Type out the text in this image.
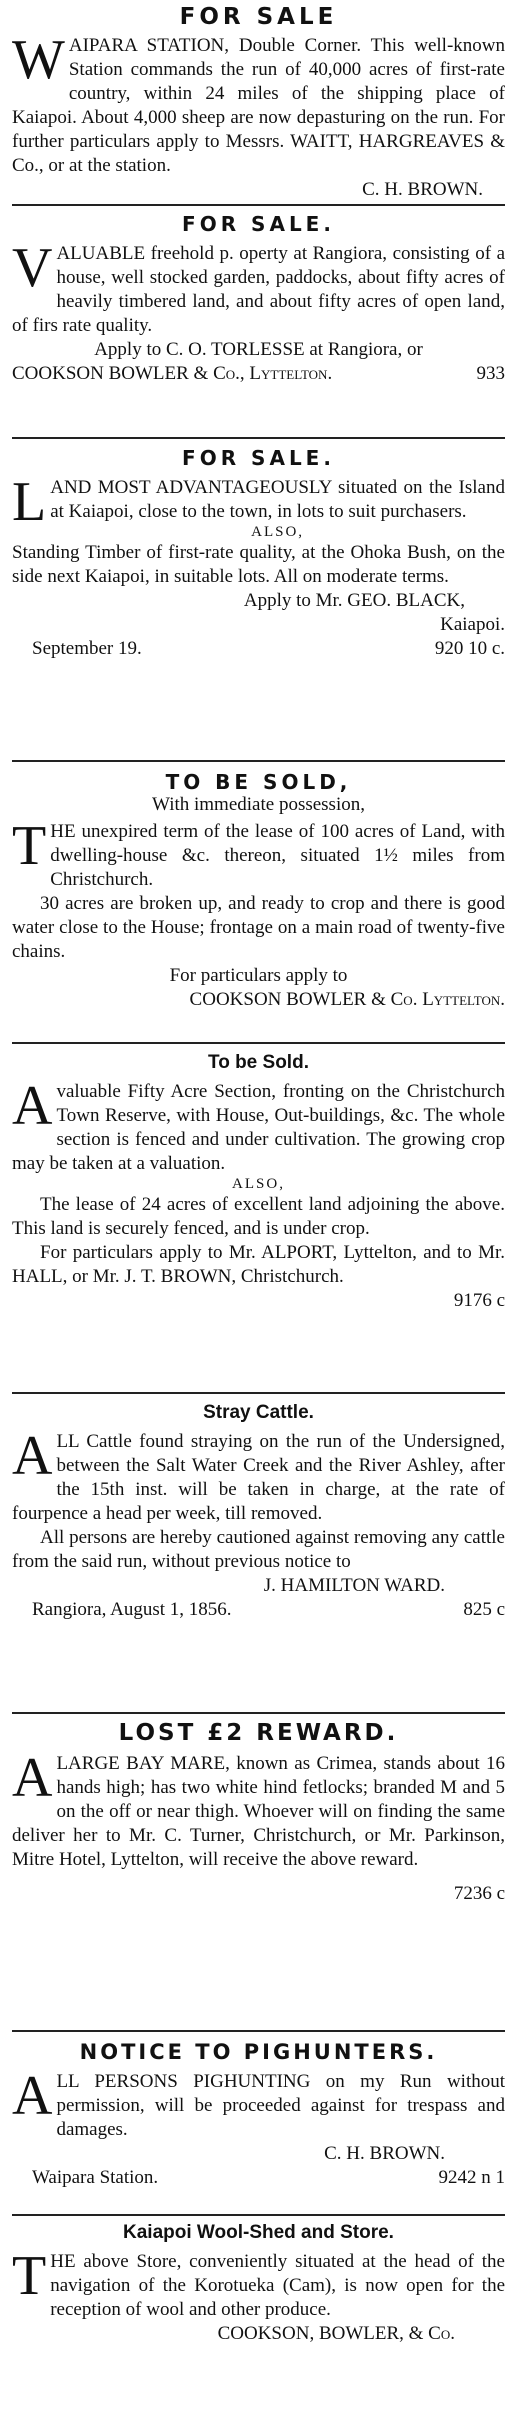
FOR SALE

WAIPARA STATION, Double Corner. This well-known Station commands the run of 40,000 acres of first-rate country, within 24 miles of the shipping place of Kaiapoi. About 4,000 sheep are now depasturing on the run. For further particulars apply to Messrs. WAITT, HARGREAVES & Co., or at the station.

C. H. BROWN.
FOR SALE.

VALUABLE freehold p. operty at Rangiora, consisting of a house, well stocked garden, paddocks, about fifty acres of heavily timbered land, and about fifty acres of open land, of firs rate quality.

Apply to C. O. TORLESSE at Rangiora, or
COOKSON BOWLER & Co., Lyttelton.	933
FOR SALE.

LAND MOST ADVANTAGEOUSLY situated on the Island at Kaiapoi, close to the town, in lots to suit purchasers.

ALSO,

Standing Timber of first-rate quality, at the Ohoka Bush, on the side next Kaiapoi, in suitable lots. All on moderate terms.

Apply to Mr. GEO. BLACK,
Kaiapoi.
September 19.	920 10 c.
TO BE SOLD,
With immediate possession,

THE unexpired term of the lease of 100 acres of Land, with dwelling-house &c. thereon, situated 1½ miles from Christchurch.

30 acres are broken up, and ready to crop and there is good water close to the House; frontage on a main road of twenty-five chains.

For particulars apply to
COOKSON BOWLER & Co. Lyttelton.
To be Sold.

Avaluable Fifty Acre Section, fronting on the Christchurch Town Reserve, with House, Out-buildings, &c. The whole section is fenced and under cultivation. The growing crop may be taken at a valuation.

ALSO,

The lease of 24 acres of excellent land adjoining the above. This land is securely fenced, and is under crop.

For particulars apply to Mr. ALPORT, Lyttelton, and to Mr. HALL, or Mr. J. T. BROWN, Christchurch.

9176 c
Stray Cattle.

ALL Cattle found straying on the run of the Undersigned, between the Salt Water Creek and the River Ashley, after the 15th inst. will be taken in charge, at the rate of fourpence a head per week, till removed.

All persons are hereby cautioned against removing any cattle from the said run, without previous notice to

J. HAMILTON WARD.
Rangiora, August 1, 1856.	825 c
LOST £2 REWARD.

ALARGE BAY MARE, known as Crimea, stands about 16 hands high; has two white hind fetlocks; branded M and 5 on the off or near thigh. Whoever will on finding the same deliver her to Mr. C. Turner, Christchurch, or Mr. Parkinson, Mitre Hotel, Lyttelton, will receive the above reward.

7236 c
NOTICE TO PIGHUNTERS.

ALL PERSONS PIGHUNTING on my Run without permission, will be proceeded against for trespass and damages.

C. H. BROWN.
Waipara Station.	9242 n 1
Kaiapoi Wool-Shed and Store.

THE above Store, conveniently situated at the head of the navigation of the Korotueka (Cam), is now open for the reception of wool and other produce.

COOKSON, BOWLER, & Co.
